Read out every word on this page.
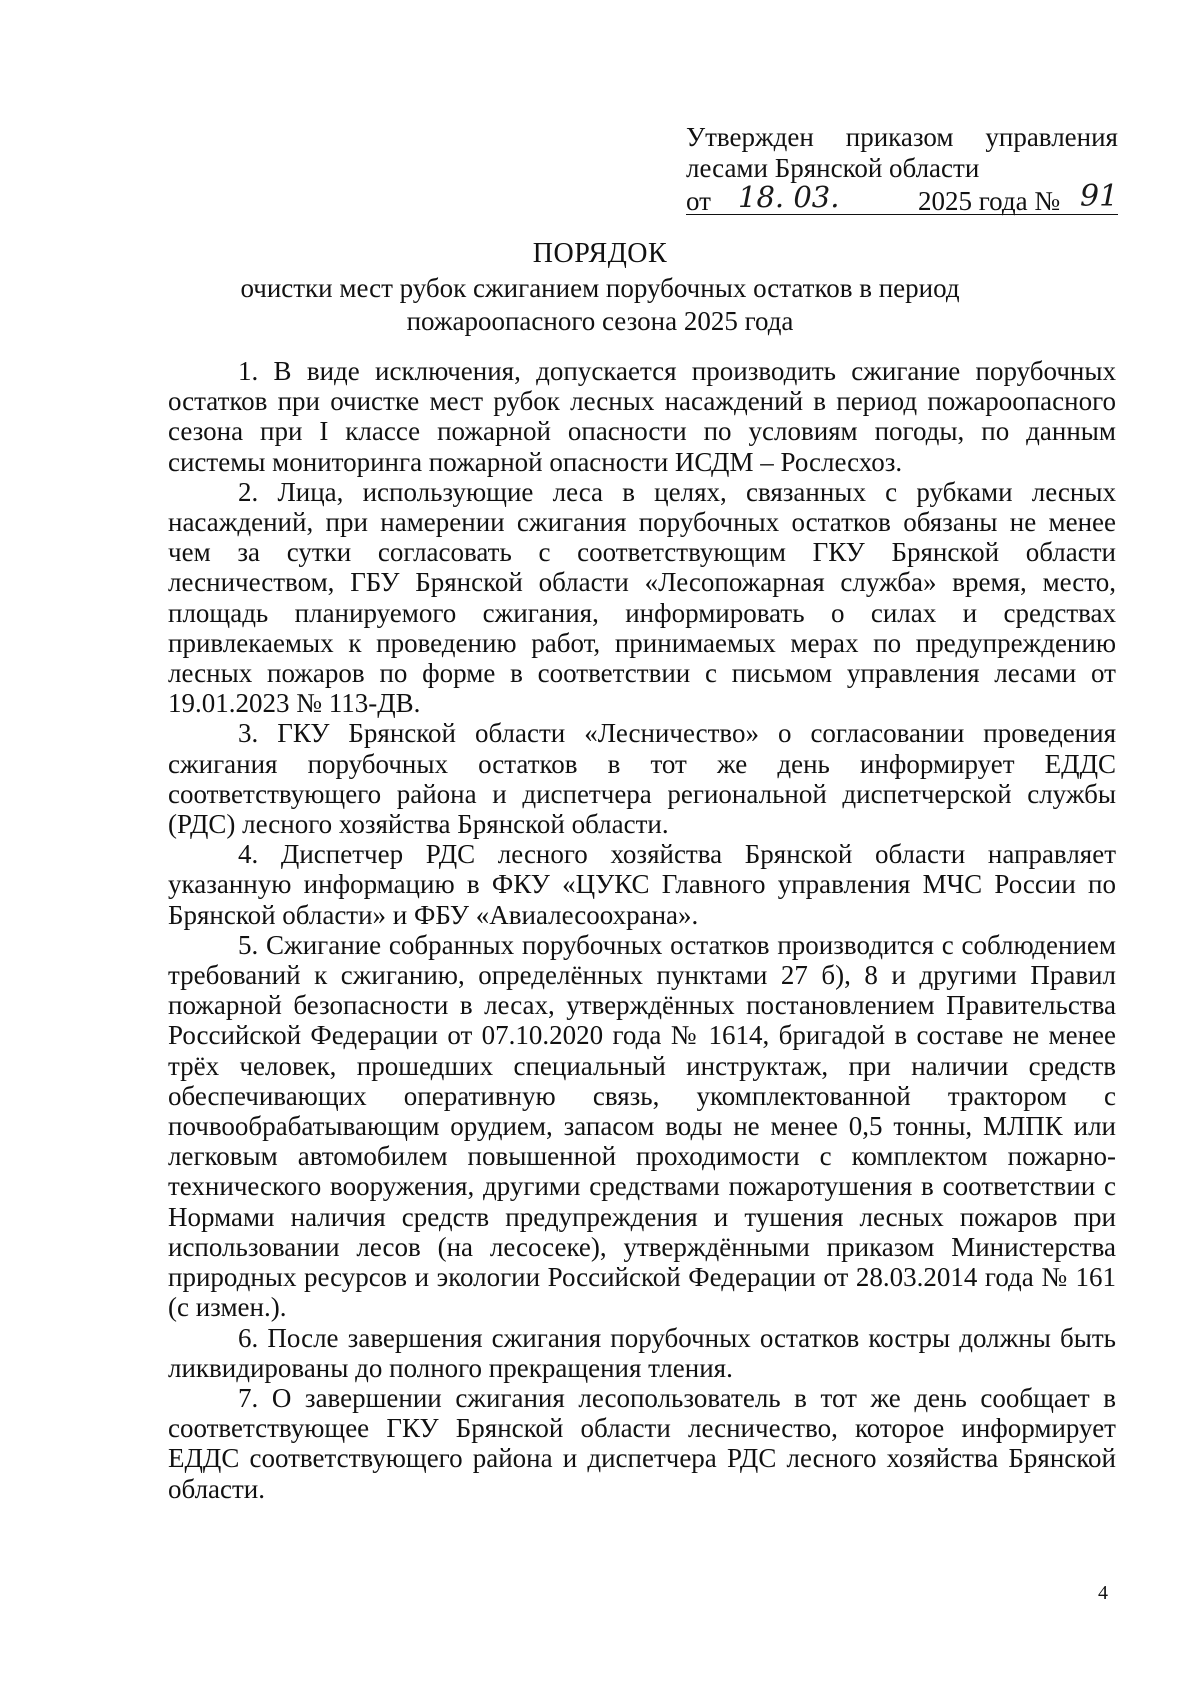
Утвержден приказом управления
лесами Брянской области
от 18. 03.	2025 года № 91
ПОРЯДОК
очистки мест рубок сжиганием порубочных остатков в период пожароопасного сезона 2025 года

1. В виде исключения, допускается производить сжигание порубочных остатков при очистке мест рубок лесных насаждений в период пожароопасного сезона при I классе пожарной опасности по условиям погоды, по данным системы мониторинга пожарной опасности ИСДМ – Рослесхоз.

2. Лица, использующие леса в целях, связанных с рубками лесных насаждений, при намерении сжигания порубочных остатков обязаны не менее чем за сутки согласовать с соответствующим ГКУ Брянской области лесничеством, ГБУ Брянской области «Лесопожарная служба» время, место, площадь планируемого сжигания, информировать о силах и средствах привлекаемых к проведению работ, принимаемых мерах по предупреждению лесных пожаров по форме в соответствии с письмом управления лесами от 19.01.2023 № 113-ДВ.

3. ГКУ Брянской области «Лесничество» о согласовании проведения сжигания порубочных остатков в тот же день информирует ЕДДС соответствующего района и диспетчера региональной диспетчерской службы (РДС) лесного хозяйства Брянской области.

4. Диспетчер РДС лесного хозяйства Брянской области направляет указанную информацию в ФКУ «ЦУКС Главного управления МЧС России по Брянской области» и ФБУ «Авиалесоохрана».

5. Сжигание собранных порубочных остатков производится с соблюдением требований к сжиганию, определённых пунктами 27 б), 8 и другими Правил пожарной безопасности в лесах, утверждённых постановлением Правительства Российской Федерации от 07.10.2020 года № 1614, бригадой в составе не менее трёх человек, прошедших специальный инструктаж, при наличии средств обеспечивающих оперативную связь, укомплектованной трактором с почвообрабатывающим орудием, запасом воды не менее 0,5 тонны, МЛПК или легковым автомобилем повышенной проходимости с комплектом пожарно-технического вооружения, другими средствами пожаротушения в соответствии с Нормами наличия средств предупреждения и тушения лесных пожаров при использовании лесов (на лесосеке), утверждёнными приказом Министерства природных ресурсов и экологии Российской Федерации от 28.03.2014 года № 161 (с измен.).

6. После завершения сжигания порубочных остатков костры должны быть ликвидированы до полного прекращения тления.

7. О завершении сжигания лесопользователь в тот же день сообщает в соответствующее ГКУ Брянской области лесничество, которое информирует ЕДДС соответствующего района и диспетчера РДС лесного хозяйства Брянской области.

4
